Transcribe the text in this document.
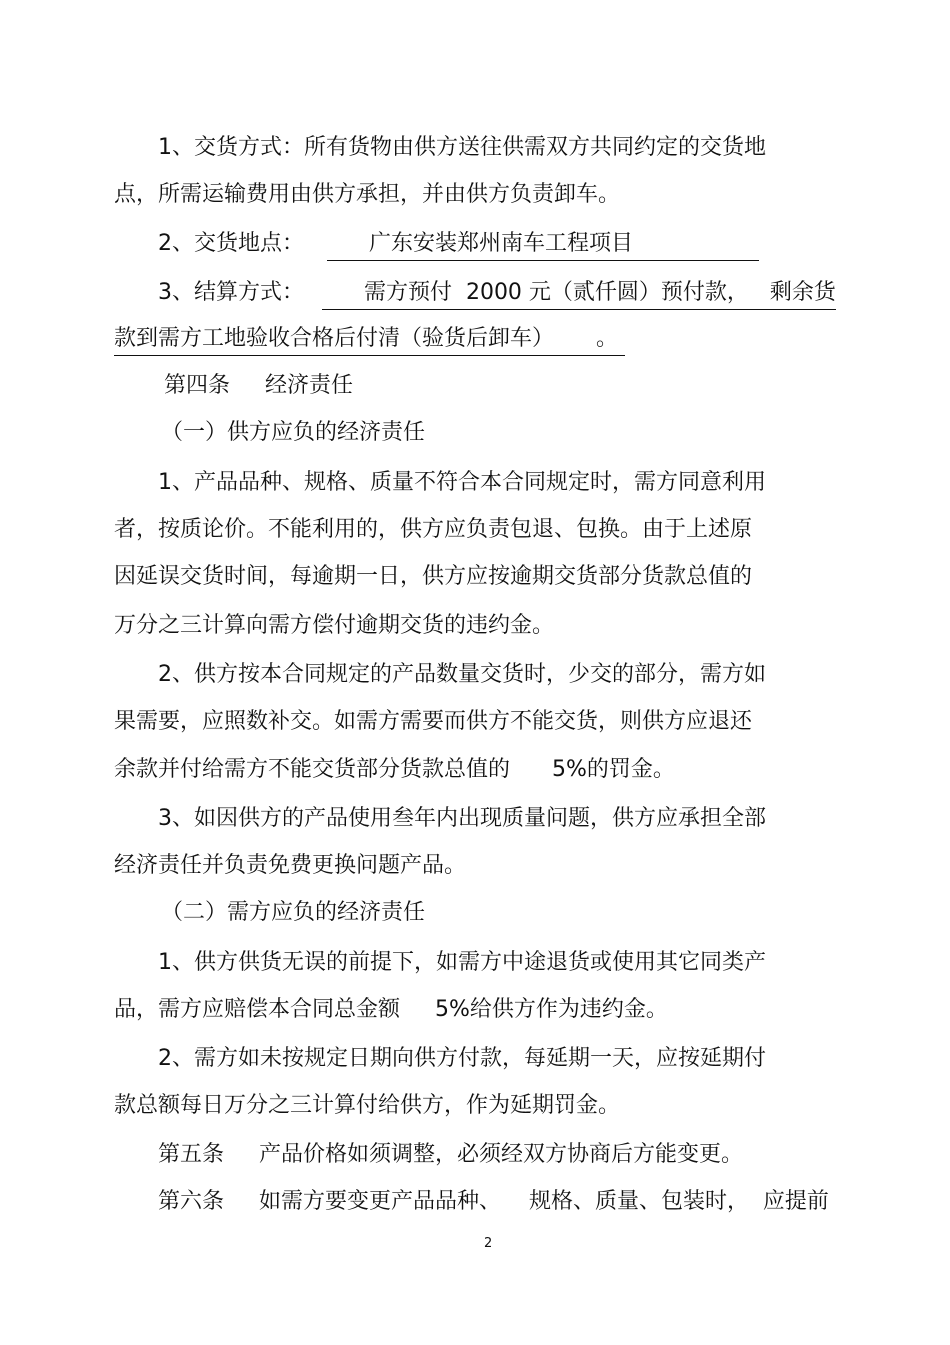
1、交货方式：所有货物由供方送往供需双方共同约定的交货地

点，所需运输费用由供方承担，并由供方负责卸车。

2、交货地点： 广东安装郑州南车工程项目

3、结算方式： 需方预付  2000 元（贰仟圆）预付款，   剩余货

款到需方工地验收合格后付清（验货后卸车）      。

第四条     经济责任

（一）供方应负的经济责任

1、产品品种、规格、质量不符合本合同规定时，需方同意利用

者，按质论价。不能利用的，供方应负责包退、包换。由于上述原

因延误交货时间，每逾期一日，供方应按逾期交货部分货款总值的

万分之三计算向需方偿付逾期交货的违约金。

2、供方按本合同规定的产品数量交货时，少交的部分，需方如

果需要，应照数补交。如需方需要而供方不能交货，则供方应退还

余款并付给需方不能交货部分货款总值的      5%的罚金。

3、如因供方的产品使用叁年内出现质量问题，供方应承担全部

经济责任并负责免费更换问题产品。

（二）需方应负的经济责任

1、供方供货无误的前提下，如需方中途退货或使用其它同类产

品，需方应赔偿本合同总金额     5%给供方作为违约金。

2、需方如未按规定日期向供方付款，每延期一天，应按延期付

款总额每日万分之三计算付给供方，作为延期罚金。

第五条     产品价格如须调整，必须经双方协商后方能变更。

第六条     如需方要变更产品品种、    规格、质量、包装时，  应提前

2
